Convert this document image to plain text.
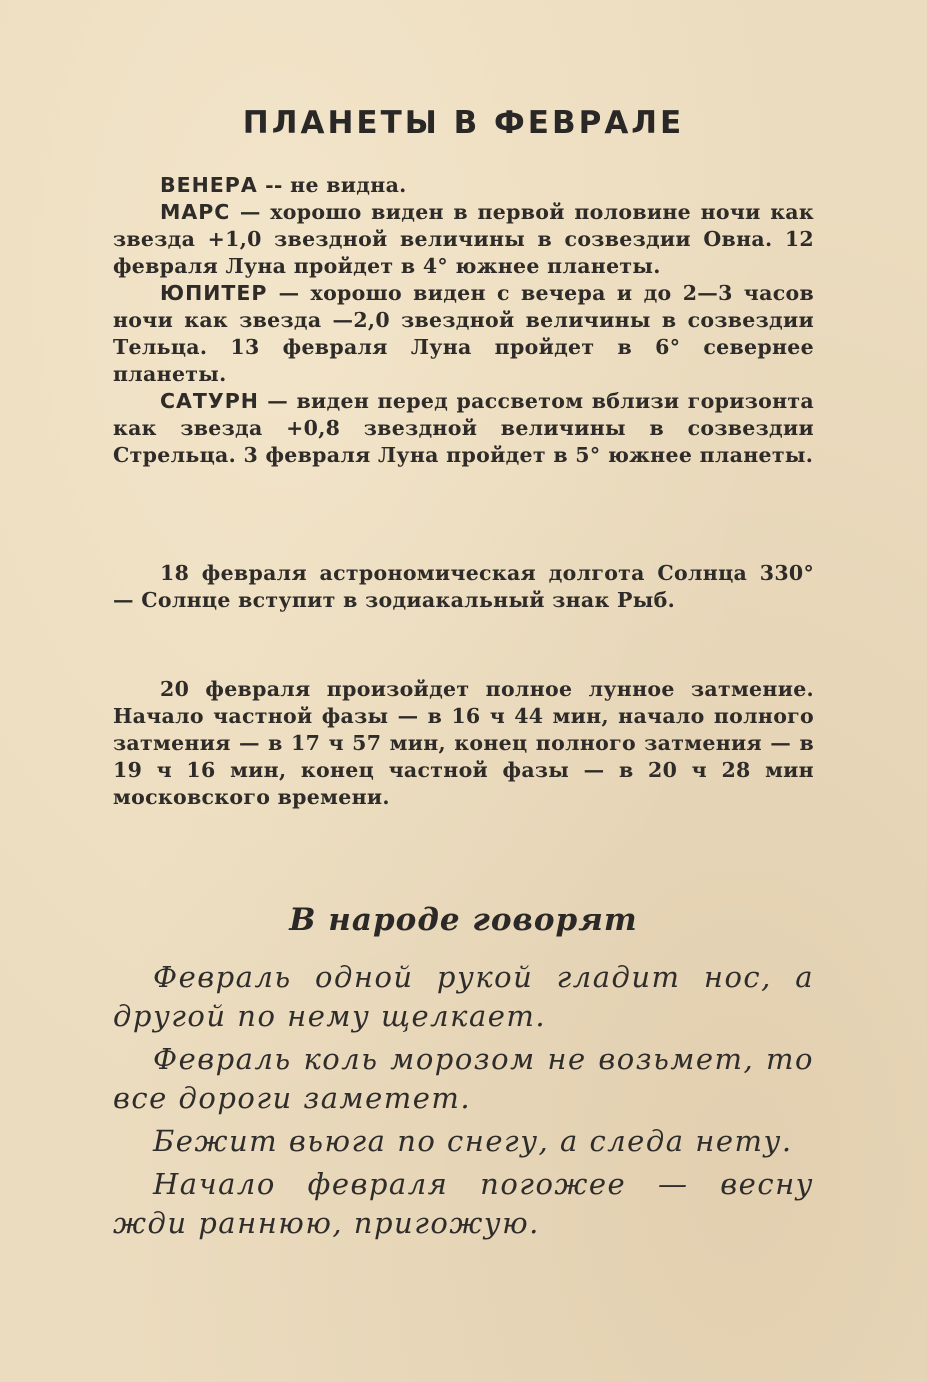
ПЛАНЕТЫ В ФЕВРАЛЕ

ВЕНЕРА -- не видна.

МАРС — хорошо виден в первой половине ночи как звезда +1,0 звездной величины в созвездии Овна. 12 февраля Луна пройдет в 4° южнее планеты.

ЮПИТЕР — хорошо виден с вечера и до 2—3 часов ночи как звезда —2,0 звездной величины в созвездии Тельца. 13 февраля Луна пройдет в 6° севернее планеты.

САТУРН — виден перед рассветом вблизи горизонта как звезда +0,8 звездной величины в созвездии Стрельца. 3 февраля Луна пройдет в 5° южнее планеты.

18 февраля астрономическая долгота Солнца 330° — Солнце вступит в зодиакальный знак Рыб.

20 февраля произойдет полное лунное затмение. Начало частной фазы — в 16 ч 44 мин, начало полного затмения — в 17 ч 57 мин, конец полного затмения — в 19 ч 16 мин, конец частной фазы — в 20 ч 28 мин московского времени.

В народе говорят

Февраль одной рукой гладит нос, а другой по нему щелкает.

Февраль коль морозом не возьмет, то все дороги заметет.

Бежит вьюга по снегу, а следа нету.

Начало февраля погожее — весну жди раннюю, пригожую.
